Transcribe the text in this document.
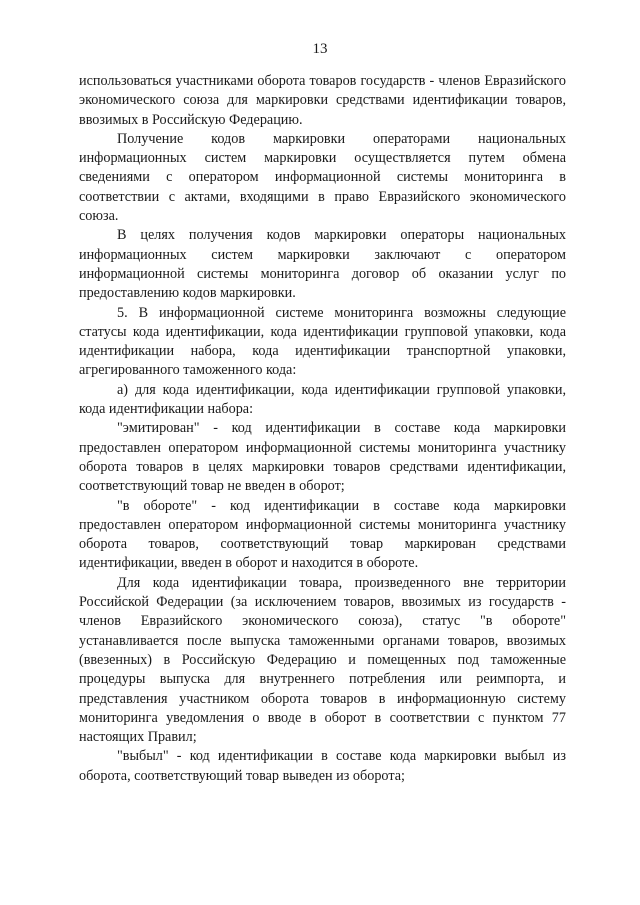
13

использоваться участниками оборота товаров государств - членов Евразийского экономического союза для маркировки средствами идентификации товаров, ввозимых в Российскую Федерацию.

Получение кодов маркировки операторами национальных информационных систем маркировки осуществляется путем обмена сведениями с оператором информационной системы мониторинга в соответствии с актами, входящими в право Евразийского экономического союза.

В целях получения кодов маркировки операторы национальных информационных систем маркировки заключают с оператором информационной системы мониторинга договор об оказании услуг по предоставлению кодов маркировки.

5. В информационной системе мониторинга возможны следующие статусы кода идентификации, кода идентификации групповой упаковки, кода идентификации набора, кода идентификации транспортной упаковки, агрегированного таможенного кода:

а) для кода идентификации, кода идентификации групповой упаковки, кода идентификации набора:

"эмитирован" - код идентификации в составе кода маркировки предоставлен оператором информационной системы мониторинга участнику оборота товаров в целях маркировки товаров средствами идентификации, соответствующий товар не введен в оборот;

"в обороте" - код идентификации в составе кода маркировки предоставлен оператором информационной системы мониторинга участнику оборота товаров, соответствующий товар маркирован средствами идентификации, введен в оборот и находится в обороте.

Для кода идентификации товара, произведенного вне территории Российской Федерации (за исключением товаров, ввозимых из государств - членов Евразийского экономического союза), статус "в обороте" устанавливается после выпуска таможенными органами товаров, ввозимых (ввезенных) в Российскую Федерацию и помещенных под таможенные процедуры выпуска для внутреннего потребления или реимпорта, и представления участником оборота товаров в информационную систему мониторинга уведомления о вводе в оборот в соответствии с пунктом 77 настоящих Правил;

"выбыл" - код идентификации в составе кода маркировки выбыл из оборота, соответствующий товар выведен из оборота;
